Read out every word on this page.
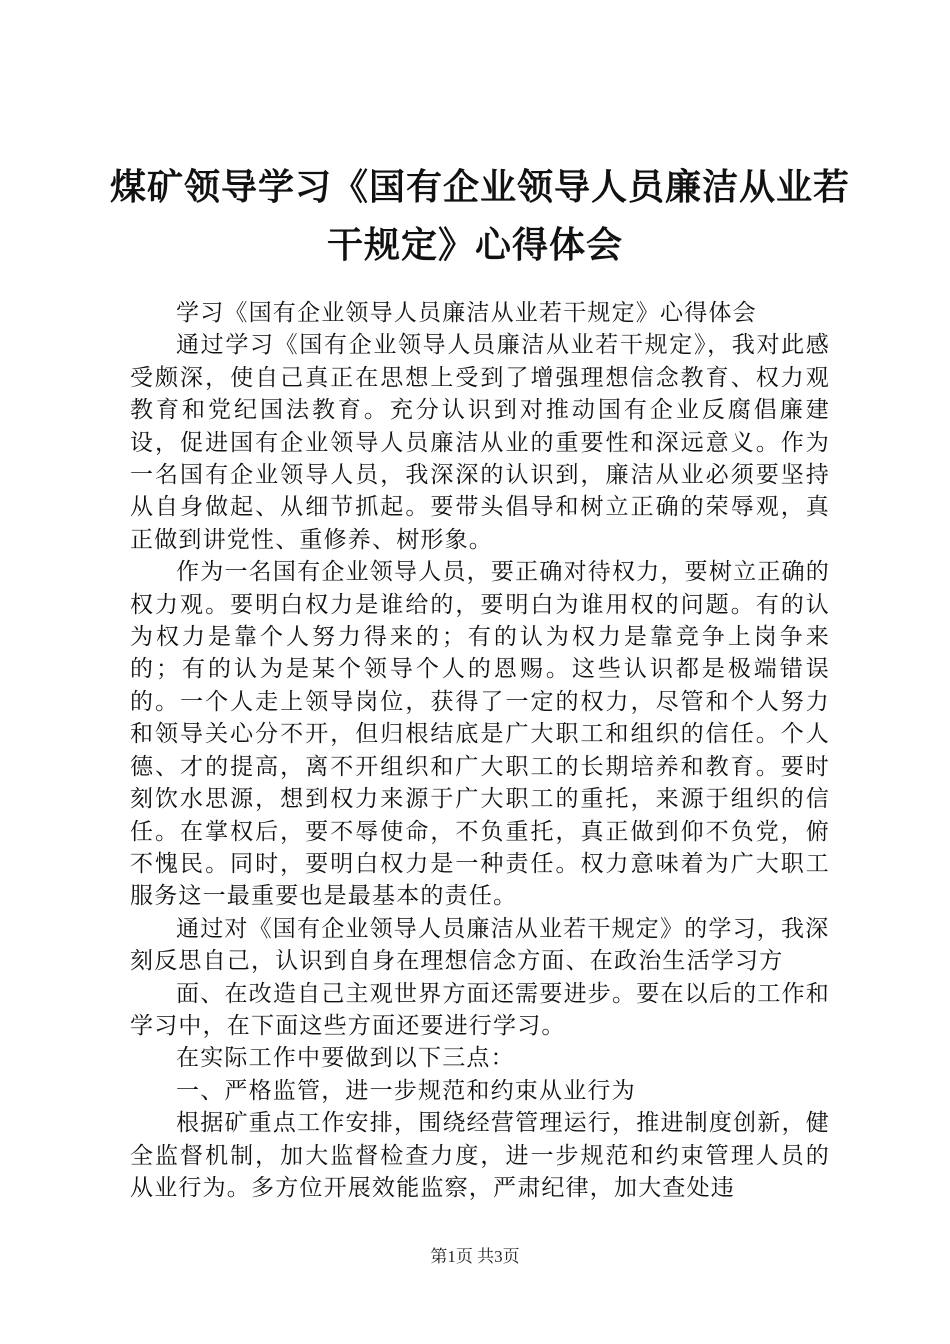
煤矿领导学习《国有企业领导人员廉洁从业若
干规定》心得体会

学习《国有企业领导人员廉洁从业若干规定》心得体会

通过学习《国有企业领导人员廉洁从业若干规定》，我对此感受颇深，使自己真正在思想上受到了增强理想信念教育、权力观教育和党纪国法教育。充分认识到对推动国有企业反腐倡廉建设，促进国有企业领导人员廉洁从业的重要性和深远意义。作为一名国有企业领导人员，我深深的认识到，廉洁从业必须要坚持从自身做起、从细节抓起。要带头倡导和树立正确的荣辱观，真正做到讲党性、重修养、树形象。

作为一名国有企业领导人员，要正确对待权力，要树立正确的权力观。要明白权力是谁给的，要明白为谁用权的问题。有的认为权力是靠个人努力得来的；有的认为权力是靠竞争上岗争来的；有的认为是某个领导个人的恩赐。这些认识都是极端错误的。一个人走上领导岗位，获得了一定的权力，尽管和个人努力和领导关心分不开，但归根结底是广大职工和组织的信任。个人德、才的提高，离不开组织和广大职工的长期培养和教育。要时刻饮水思源，想到权力来源于广大职工的重托，来源于组织的信任。在掌权后，要不辱使命，不负重托，真正做到仰不负党，俯不愧民。同时，要明白权力是一种责任。权力意味着为广大职工服务这一最重要也是最基本的责任。

通过对《国有企业领导人员廉洁从业若干规定》的学习，我深刻反思自己，认识到自身在理想信念方面、在政治生活学习方

面、在改造自己主观世界方面还需要进步。要在以后的工作和学习中，在下面这些方面还要进行学习。

在实际工作中要做到以下三点：

一、严格监管，进一步规范和约束从业行为

根据矿重点工作安排，围绕经营管理运行，推进制度创新，健全监督机制，加大监督检查力度，进一步规范和约束管理人员的从业行为。多方位开展效能监察，严肃纪律，加大查处违

第1页 共3页
